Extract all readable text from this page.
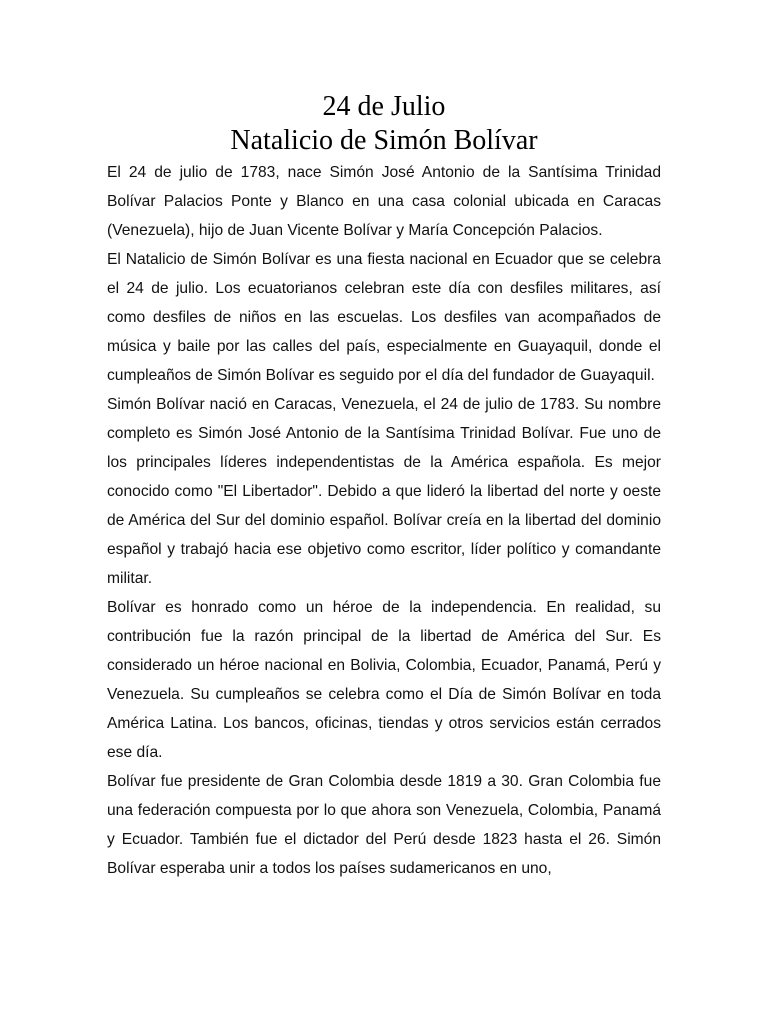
24 de Julio
Natalicio de Simón Bolívar

El 24 de julio de 1783, nace Simón José Antonio de la Santísima Trinidad Bolívar Palacios Ponte y Blanco en una casa colonial ubicada en Caracas (Venezuela), hijo de Juan Vicente Bolívar y María Concepción Palacios.

El Natalicio de Simón Bolívar es una fiesta nacional en Ecuador que se celebra el 24 de julio. Los ecuatorianos celebran este día con desfiles militares, así como desfiles de niños en las escuelas. Los desfiles van acompañados de música y baile por las calles del país, especialmente en Guayaquil, donde el cumpleaños de Simón Bolívar es seguido por el día del fundador de Guayaquil.

Simón Bolívar nació en Caracas, Venezuela, el 24 de julio de 1783. Su nombre completo es Simón José Antonio de la Santísima Trinidad Bolívar. Fue uno de los principales líderes independentistas de la América española. Es mejor conocido como "El Libertador". Debido a que lideró la libertad del norte y oeste de América del Sur del dominio español. Bolívar creía en la libertad del dominio español y trabajó hacia ese objetivo como escritor, líder político y comandante militar.

Bolívar es honrado como un héroe de la independencia. En realidad, su contribución fue la razón principal de la libertad de América del Sur. Es considerado un héroe nacional en Bolivia, Colombia, Ecuador, Panamá, Perú y Venezuela. Su cumpleaños se celebra como el Día de Simón Bolívar en toda América Latina. Los bancos, oficinas, tiendas y otros servicios están cerrados ese día.

Bolívar fue presidente de Gran Colombia desde 1819 a 30. Gran Colombia fue una federación compuesta por lo que ahora son Venezuela, Colombia, Panamá y Ecuador. También fue el dictador del Perú desde 1823 hasta el 26. Simón Bolívar esperaba unir a todos los países sudamericanos en uno,
